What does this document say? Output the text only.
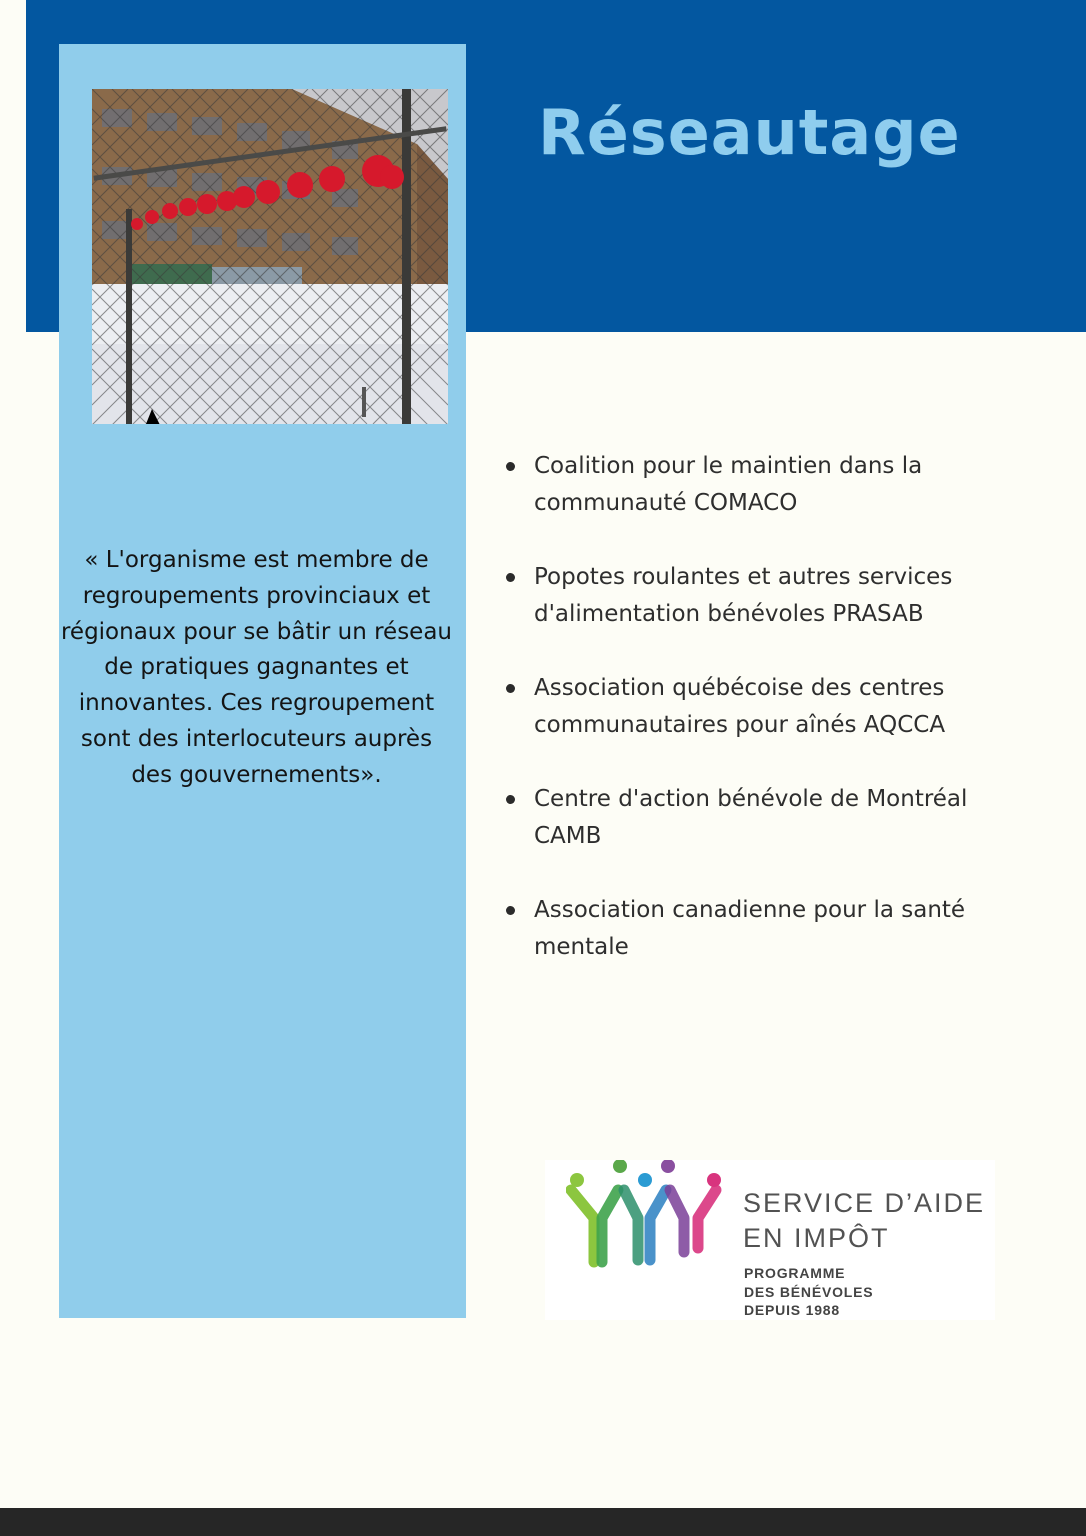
Réseautage

« L'organisme est membre de regroupements provinciaux et régionaux pour se bâtir un réseau de pratiques gagnantes et innovantes. Ces regroupement sont des interlocuteurs auprès des gouvernements».

Coalition pour le maintien dans la
communauté COMACO
Popotes roulantes et autres services
d'alimentation bénévoles PRASAB
Association québécoise des centres
communautaires pour aînés AQCCA
Centre d'action bénévole de Montréal
CAMB
Association canadienne pour la santé
mentale
SERVICE D’AIDE
EN IMPÔT
PROGRAMME
DES BÉNÉVOLES
DEPUIS 1988
